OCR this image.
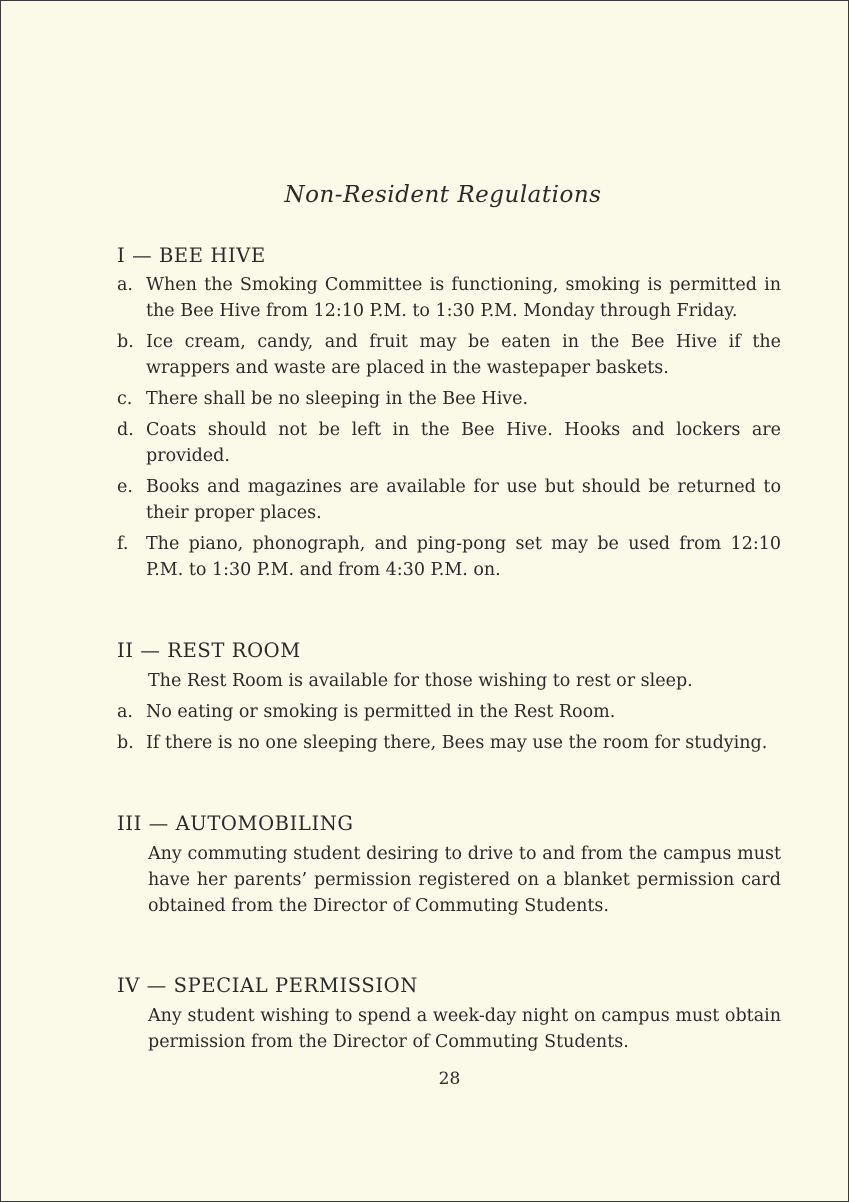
Non-Resident Regulations
I — BEE HIVE
a. When the Smoking Committee is functioning, smoking is permitted in the Bee Hive from 12:10 P.M. to 1:30 P.M. Monday through Friday.
b. Ice cream, candy, and fruit may be eaten in the Bee Hive if the wrappers and waste are placed in the wastepaper baskets.
c. There shall be no sleeping in the Bee Hive.
d. Coats should not be left in the Bee Hive. Hooks and lockers are provided.
e. Books and magazines are available for use but should be returned to their proper places.
f. The piano, phonograph, and ping-pong set may be used from 12:10 P.M. to 1:30 P.M. and from 4:30 P.M. on.
II — REST ROOM
The Rest Room is available for those wishing to rest or sleep.
a. No eating or smoking is permitted in the Rest Room.
b. If there is no one sleeping there, Bees may use the room for studying.
III — AUTOMOBILING
Any commuting student desiring to drive to and from the campus must have her parents’ permission registered on a blanket permission card obtained from the Director of Commuting Students.
IV — SPECIAL PERMISSION
Any student wishing to spend a week-day night on campus must obtain permission from the Director of Commuting Students.
28
